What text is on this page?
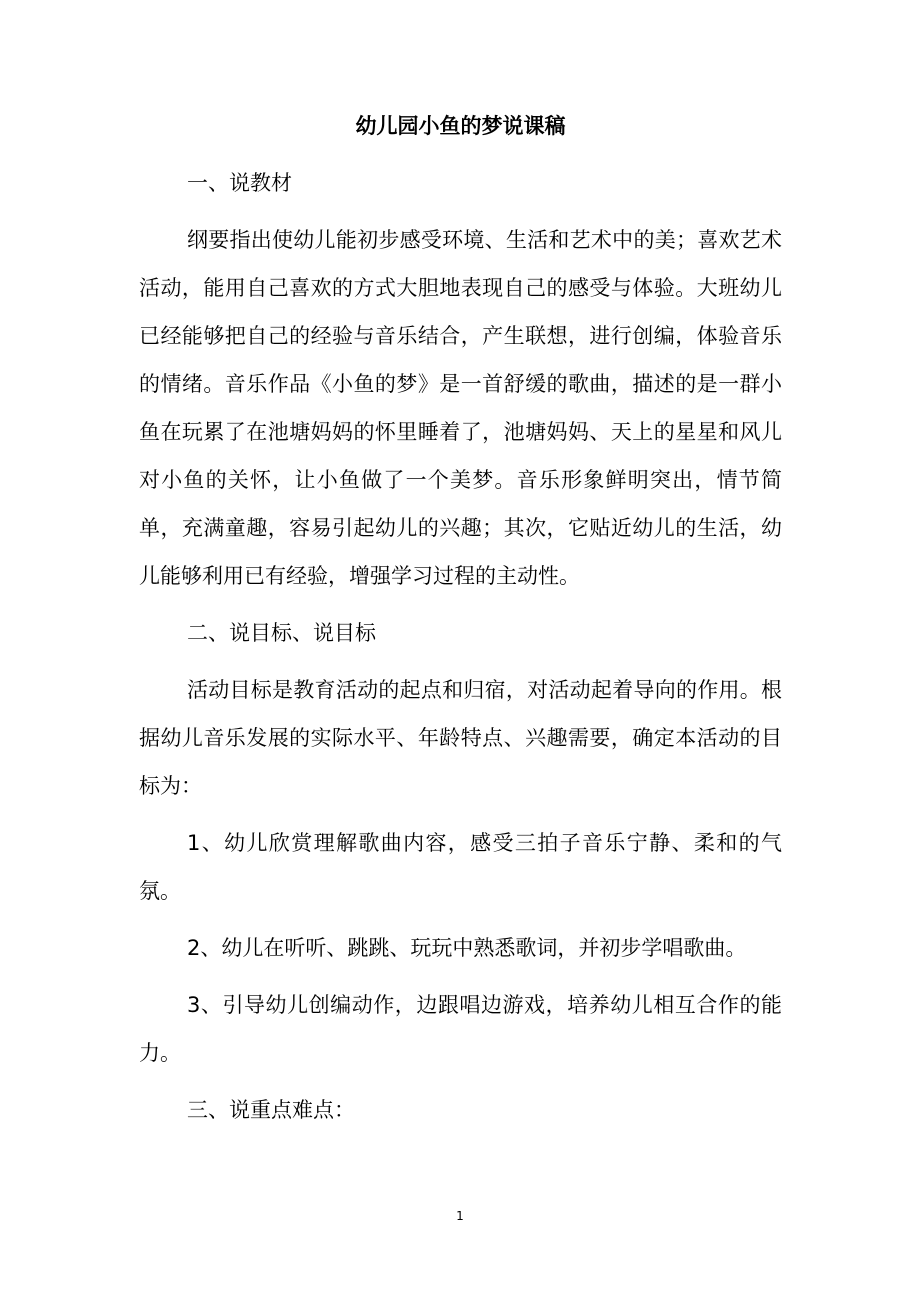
幼儿园小鱼的梦说课稿
一、说教材
纲要指出使幼儿能初步感受环境、生活和艺术中的美；喜欢艺术活动，能用自己喜欢的方式大胆地表现自己的感受与体验。大班幼儿已经能够把自己的经验与音乐结合，产生联想，进行创编，体验音乐的情绪。音乐作品《小鱼的梦》是一首舒缓的歌曲，描述的是一群小鱼在玩累了在池塘妈妈的怀里睡着了，池塘妈妈、天上的星星和风儿对小鱼的关怀，让小鱼做了一个美梦。音乐形象鲜明突出，情节简单，充满童趣，容易引起幼儿的兴趣；其次，它贴近幼儿的生活，幼儿能够利用已有经验，增强学习过程的主动性。
二、说目标、说目标
活动目标是教育活动的起点和归宿，对活动起着导向的作用。根据幼儿音乐发展的实际水平、年龄特点、兴趣需要，确定本活动的目标为：
1、幼儿欣赏理解歌曲内容，感受三拍子音乐宁静、柔和的气氛。
2、幼儿在听听、跳跳、玩玩中熟悉歌词，并初步学唱歌曲。
3、引导幼儿创编动作，边跟唱边游戏，培养幼儿相互合作的能力。
三、说重点难点：
1
